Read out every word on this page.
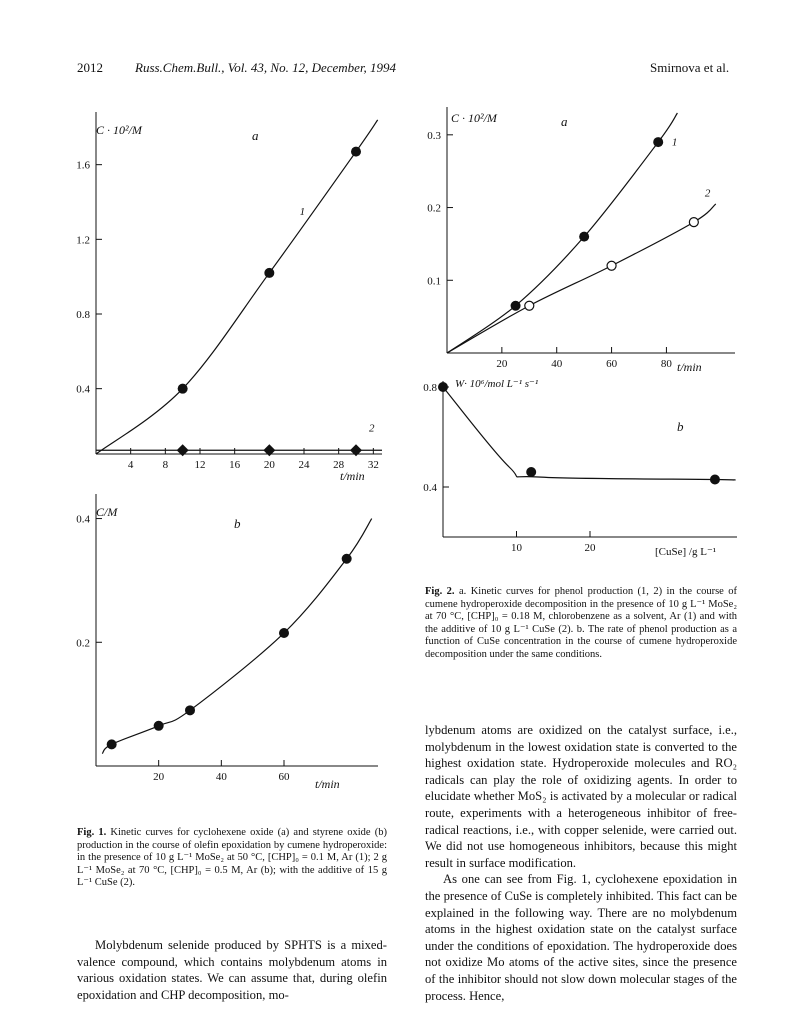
2012 Russ.Chem.Bull., Vol. 43, No. 12, December, 1994	Smirnova et al.
C · 10²/M	a
t/min
4	8 12 16 20 24 28 32
0.4
0.8
1.2
1.6
1
2
C/M
b
t/min
20	40	60
0.2
0.4
C · 10²/M	a
t/min
20	40	60	80
0.1
0.2
0.3
1
2
W· 10⁶/mol L⁻¹ s⁻¹
b
[CuSe] /g L⁻¹
10	20
0.4
0.8
Fig. 2. a. Kinetic curves for phenol production (1, 2) in the course of cumene hydroperoxide decomposition in the presence of 10 g L⁻¹ MoSe₂ at 70 °C, [CHP]₀ = 0.18 M, chlorobenzene as a solvent, Ar (1) and with the additive of 10 g L⁻¹ CuSe (2). b. The rate of phenol production as a function of CuSe concentration in the course of cumene hydroperoxide decomposition under the same conditions.
Fig. 1. Kinetic curves for cyclohexene oxide (a) and styrene oxide (b) production in the course of olefin epoxidation by cumene hydroperoxide: in the presence of 10 g L⁻¹ MoSe₂ at 50 °C, [CHP]₀ = 0.1 M, Ar (1); 2 g L⁻¹ MoSe₂ at 70 °C, [CHP]₀ = 0.5 M, Ar (b); with the additive of 15 g L⁻¹ CuSe (2).

Molybdenum selenide produced by SPHTS is a mixed-valence compound, which contains molybdenum atoms in various oxidation states. We can assume that, during olefin epoxidation and CHP decomposition, mo-

lybdenum atoms are oxidized on the catalyst surface, i.e., molybdenum in the lowest oxidation state is converted to the highest oxidation state. Hydroperoxide molecules and RO₂ radicals can play the role of oxidizing agents. In order to elucidate whether MoS₂ is activated by a molecular or radical route, experiments with a heterogeneous inhibitor of free-radical reactions, i.e., with copper selenide, were carried out. We did not use homogeneous inhibitors, because this might result in surface modification.

As one can see from Fig. 1, cyclohexene epoxidation in the presence of CuSe is completely inhibited. This fact can be explained in the following way. There are no molybdenum atoms in the highest oxidation state on the catalyst surface under the conditions of epoxidation. The hydroperoxide does not oxidize Mo atoms of the active sites, since the presence of the inhibitor should not slow down molecular stages of the process. Hence,
